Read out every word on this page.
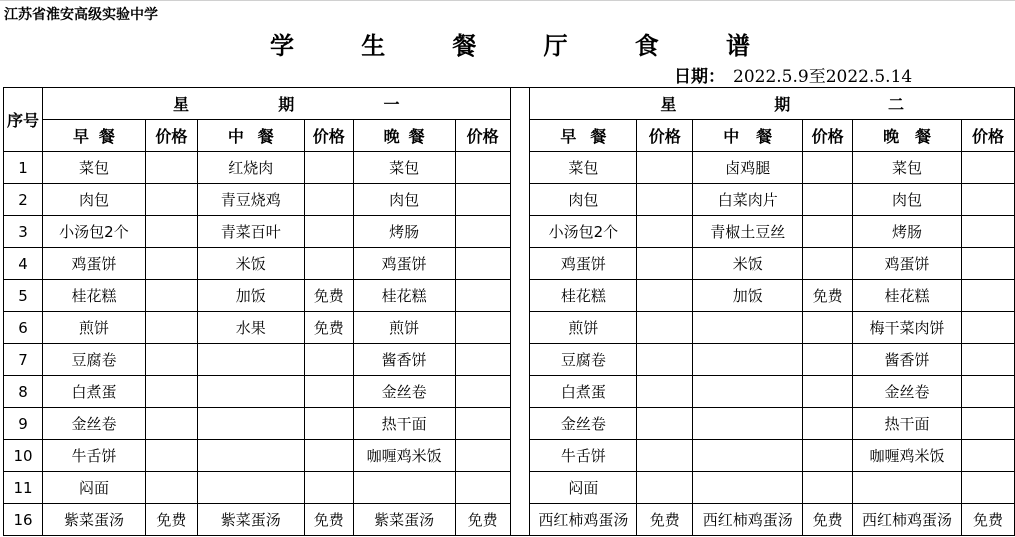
江苏省淮安高级实验中学
学	生	餐	厅	食	谱
日期： 2022.5.9至2022.5.14
序号	星 期 一							星 期 二					

	早 餐	价格	中 餐	价格	晚 餐	价格		早 餐	价格	中 餐	价格	晚 餐	价格
1	菜包		红烧肉		菜包			菜包		卤鸡腿		菜包	
2	肉包		青豆烧鸡		肉包			肉包		白菜肉片		肉包	
3	小汤包2个		青菜百叶		烤肠			小汤包2个		青椒土豆丝		烤肠	
4	鸡蛋饼		米饭		鸡蛋饼			鸡蛋饼		米饭		鸡蛋饼	
5	桂花糕		加饭	免费	桂花糕			桂花糕		加饭	免费	桂花糕	
6	煎饼		水果	免费	煎饼			煎饼				梅干菜肉饼	
7	豆腐卷				酱香饼			豆腐卷				酱香饼	
8	白煮蛋				金丝卷			白煮蛋				金丝卷	
9	金丝卷				热干面			金丝卷				热干面	
10	牛舌饼				咖喱鸡米饭			牛舌饼				咖喱鸡米饭	
11	闷面							闷面					
16	紫菜蛋汤	免费	紫菜蛋汤	免费	紫菜蛋汤	免费		西红柿鸡蛋汤	免费	西红柿鸡蛋汤	免费	西红柿鸡蛋汤	免费
